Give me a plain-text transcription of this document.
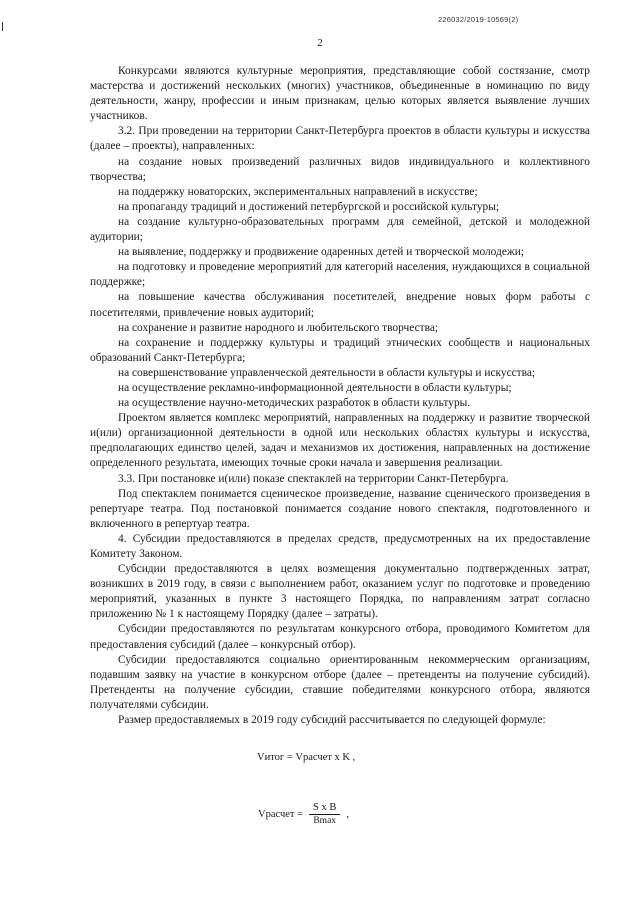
226032/2019-10569(2)
2

Конкурсами являются культурные мероприятия, представляющие собой состязание, смотр мастерства и достижений нескольких (многих) участников, объединенные в номинацию по виду деятельности, жанру, профессии и иным признакам, целью которых является выявление лучших участников.

3.2. При проведении на территории Санкт-Петербурга проектов в области культуры и искусства (далее – проекты), направленных:

на создание новых произведений различных видов индивидуального и коллективного творчества;

на поддержку новаторских, экспериментальных направлений в искусстве;

на пропаганду традиций и достижений петербургской и российской культуры;

на создание культурно-образовательных программ для семейной, детской и молодежной аудитории;

на выявление, поддержку и продвижение одаренных детей и творческой молодежи;

на подготовку и проведение мероприятий для категорий населения, нуждающихся в социальной поддержке;

на повышение качества обслуживания посетителей, внедрение новых форм работы с посетителями, привлечение новых аудиторий;

на сохранение и развитие народного и любительского творчества;

на сохранение и поддержку культуры и традиций этнических сообществ и национальных образований Санкт-Петербурга;

на совершенствование управленческой деятельности в области культуры и искусства;

на осуществление рекламно-информационной деятельности в области культуры;

на осуществление научно-методических разработок в области культуры.

Проектом является комплекс мероприятий, направленных на поддержку и развитие творческой и(или) организационной деятельности в одной или нескольких областях культуры и искусства, предполагающих единство целей, задач и механизмов их достижения, направленных на достижение определенного результата, имеющих точные сроки начала и завершения реализации.

3.3. При постановке и(или) показе спектаклей на территории Санкт-Петербурга.

Под спектаклем понимается сценическое произведение, название сценического произведения в репертуаре театра. Под постановкой понимается создание нового спектакля, подготовленного и включенного в репертуар театра.

4. Субсидии предоставляются в пределах средств, предусмотренных на их предоставление Комитету Законом.

Субсидии предоставляются в целях возмещения документально подтвержденных затрат, возникших в 2019 году, в связи с выполнением работ, оказанием услуг по подготовке и проведению мероприятий, указанных в пункте 3 настоящего Порядка, по направлениям затрат согласно приложению № 1 к настоящему Порядку (далее – затраты).

Субсидии предоставляются по результатам конкурсного отбора, проводимого Комитетом для предоставления субсидий (далее – конкурсный отбор).

Субсидии предоставляются социально ориентированным некоммерческим организациям, подавшим заявку на участие в конкурсном отборе (далее – претенденты на получение субсидий). Претенденты на получение субсидии, ставшие победителями конкурсного отбора, являются получателями субсидии.

Размер предоставляемых в 2019 году субсидий рассчитывается по следующей формуле:

Vитог = Vрасчет x K ,
Vрасчет = $\frac{\text{S x B}}{Bmax}$ ,
